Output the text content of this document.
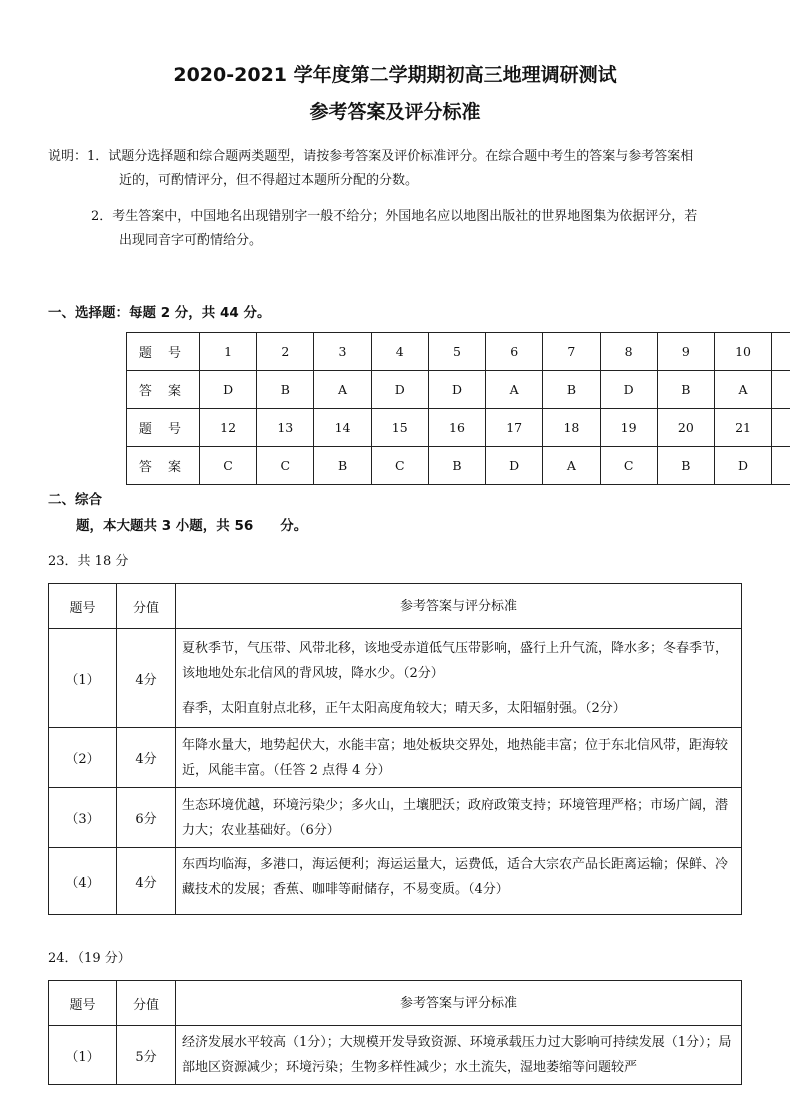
2020-2021 学年度第二学期期初高三地理调研测试
参考答案及评分标准
说明：1．试题分选择题和综合题两类题型，请按参考答案及评价标准评分。在综合题中考生的答案与参考答案相
近的，可酌情评分，但不得超过本题所分配的分数。
2．考生答案中，中国地名出现错别字一般不给分；外国地名应以地图出版社的世界地图集为依据评分，若
出现同音字可酌情给分。
一、选择题：每题 2 分，共 44 分。
题 号	1	2	3	4	5	6	7	8	9	10	
答 案	D	B	A	D	D	A	B	D	B	A	
题 号	12	13	14	15	16	17	18	19	20	21	
答 案	C	C	B	C	B	D	A	C	B	D	
二、综合
题，本大题共 3 小题，共 56　　分。
23．共 18 分
题号	分值	参考答案与评分标准
（1）	4分	夏秋季节，气压带、风带北移，该地受赤道低气压带影响，盛行上升气流，降水多；冬春季节，该地地处东北信风的背风坡，降水少。（2分）

春季，太阳直射点北移，正午太阳高度角较大；晴天多，太阳辐射强。（2分）

（2）	4分	年降水量大，地势起伏大，水能丰富；地处板块交界处，地热能丰富；位于东北信风带，距海较近，风能丰富。（任答 2 点得 4 分）
（3）	6分	生态环境优越，环境污染少；多火山，土壤肥沃；政府政策支持；环境管理严格；市场广阔，潜力大；农业基础好。（6分）
（4）	4分	东西均临海，多港口，海运便利；海运运量大，运费低，适合大宗农产品长距离运输；保鲜、冷藏技术的发展；香蕉、咖啡等耐储存，不易变质。（4分）
24．（19 分）
题号	分值	参考答案与评分标准
（1）	5分	经济发展水平较高（1分）；大规模开发导致资源、环境承载压力过大影响可持续发展（1分）；局部地区资源减少；环境污染；生物多样性减少；水土流失，湿地萎缩等问题较严
